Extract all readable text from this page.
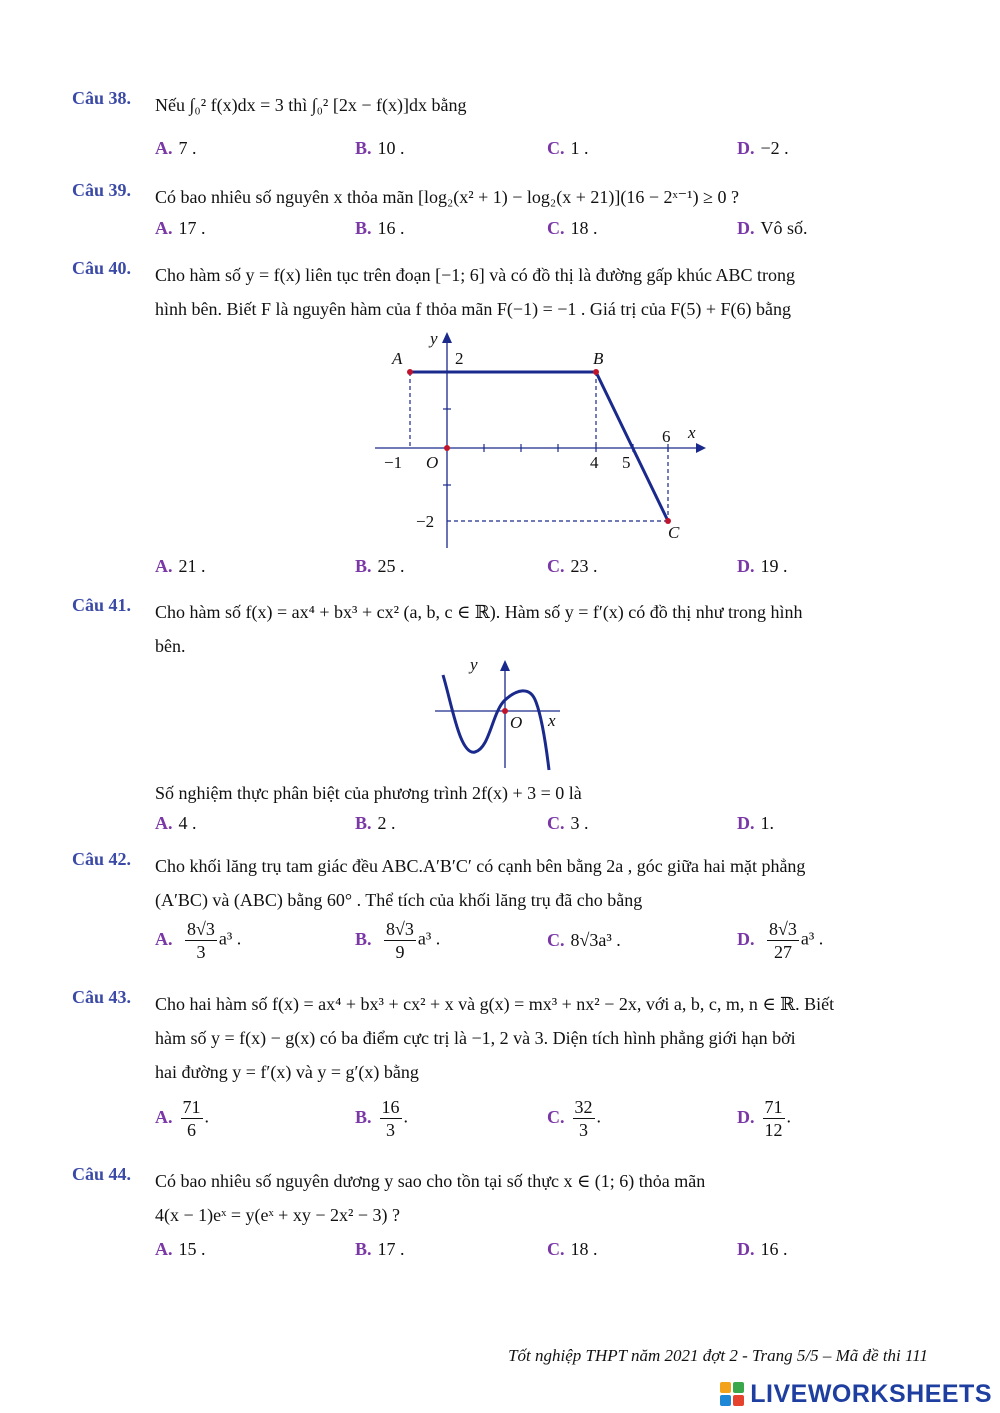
Câu 38. Nếu ∫₀² f(x)dx = 3 thì ∫₀² [2x − f(x)]dx bằng
A. 7 .	B. 10 .	C. 1 .	D. −2 .
Câu 39. Có bao nhiêu số nguyên x thỏa mãn [log₂(x² + 1) − log₂(x + 21)](16 − 2ˣ⁻¹) ≥ 0 ?
A. 17 .	B. 16 .	C. 18 .	D. Vô số.
Câu 40. Cho hàm số y = f(x) liên tục trên đoạn [−1; 6] và có đồ thị là đường gấp khúc ABC trong
hình bên. Biết F là nguyên hàm của f thỏa mãn F(−1) = −1 . Giá trị của F(5) + F(6) bằng
y
x
O
A	B
C
2
−1	4 5
6
−2
A. 21 .	B. 25 .	C. 23 .	D. 19 .
Câu 41. Cho hàm số f(x) = ax⁴ + bx³ + cx² (a, b, c ∈ ℝ). Hàm số y = f′(x) có đồ thị như trong hình
bên.
y
O x
Số nghiệm thực phân biệt của phương trình 2f(x) + 3 = 0 là
A. 4 .	B. 2 .	C. 3 .	D. 1.
Câu 42. Cho khối lăng trụ tam giác đều ABC.A′B′C′ có cạnh bên bằng 2a , góc giữa hai mặt phẳng
(A′BC) và (ABC) bằng 60° . Thể tích của khối lăng trụ đã cho bằng
A. $\frac{8√3}{3} a^3$ .	B. $\frac{8√3}{9} a^3$ .	C. 8√3a³ .	D. $\frac{8√3}{27} a^3$ .
Câu 43. Cho hai hàm số f(x) = ax⁴ + bx³ + cx² + x và g(x) = mx³ + nx² − 2x, với a, b, c, m, n ∈ ℝ. Biết
hàm số y = f(x) − g(x) có ba điểm cực trị là −1, 2 và 3. Diện tích hình phẳng giới hạn bởi
hai đường y = f′(x) và y = g′(x) bằng
A. $\frac{71}{6}$ .	B. $\frac{16}{3}$ .	C. $\frac{32}{3}$ .	D. $\frac{71}{12}$ .
Câu 44. Có bao nhiêu số nguyên dương y sao cho tồn tại số thực x ∈ (1; 6) thỏa mãn
4(x − 1)eˣ = y(eˣ + xy − 2x² − 3) ?
A. 15 .	B. 17 .	C. 18 .	D. 16 .
Tốt nghiệp THPT năm 2021 đợt 2 - Trang 5/5 – Mã đề thi 111
LIVEWORKSHEETS
